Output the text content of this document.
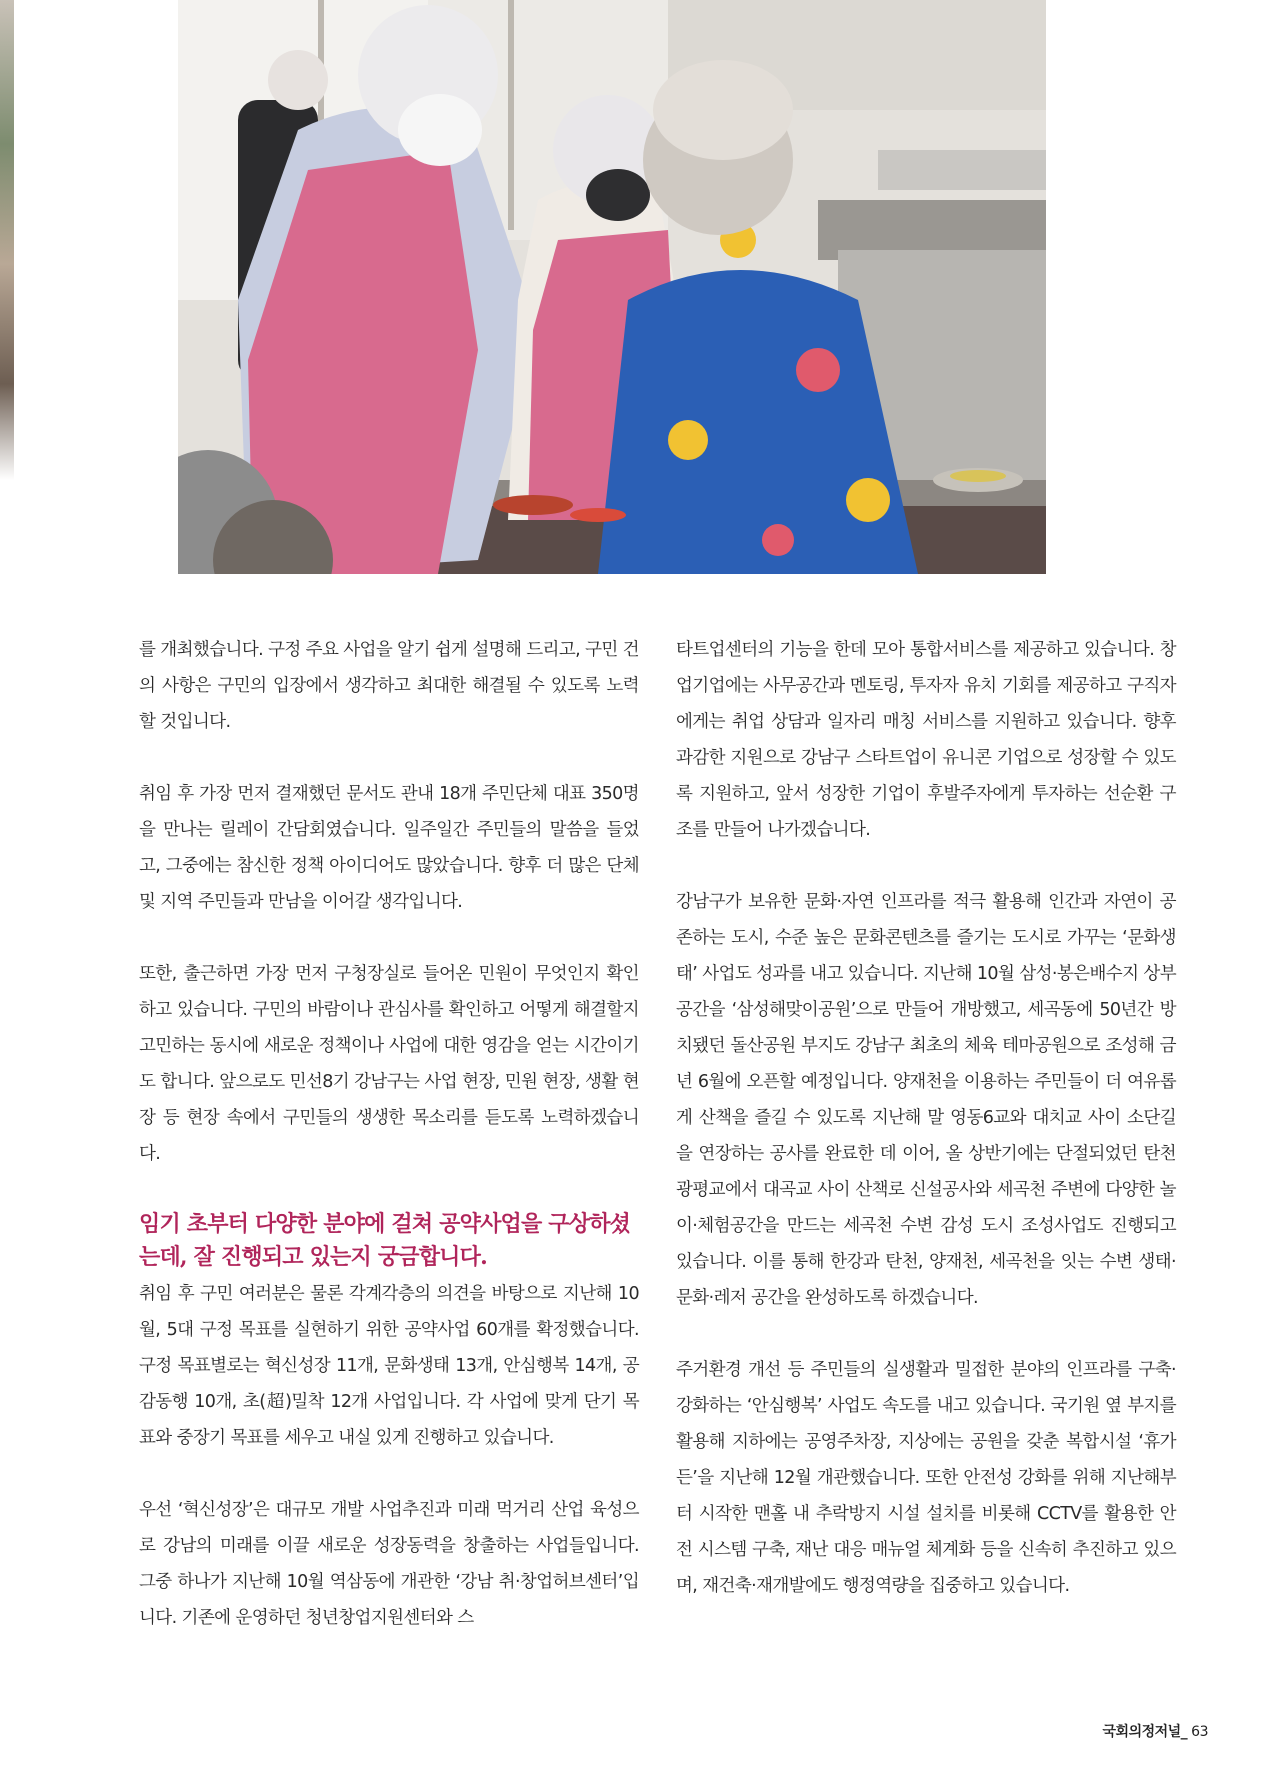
를 개최했습니다. 구정 주요 사업을 알기 쉽게 설명해 드리고, 구민 건의 사항은 구민의 입장에서 생각하고 최대한 해결될 수 있도록 노력할 것입니다.

취임 후 가장 먼저 결재했던 문서도 관내 18개 주민단체 대표 350명을 만나는 릴레이 간담회였습니다. 일주일간 주민들의 말씀을 들었고, 그중에는 참신한 정책 아이디어도 많았습니다. 향후 더 많은 단체 및 지역 주민들과 만남을 이어갈 생각입니다.

또한, 출근하면 가장 먼저 구청장실로 들어온 민원이 무엇인지 확인하고 있습니다. 구민의 바람이나 관심사를 확인하고 어떻게 해결할지 고민하는 동시에 새로운 정책이나 사업에 대한 영감을 얻는 시간이기도 합니다. 앞으로도 민선8기 강남구는 사업 현장, 민원 현장, 생활 현장 등 현장 속에서 구민들의 생생한 목소리를 듣도록 노력하겠습니다.

임기 초부터 다양한 분야에 걸쳐 공약사업을 구상하셨는데, 잘 진행되고 있는지 궁금합니다.

취임 후 구민 여러분은 물론 각계각층의 의견을 바탕으로 지난해 10월, 5대 구정 목표를 실현하기 위한 공약사업 60개를 확정했습니다. 구정 목표별로는 혁신성장 11개, 문화생태 13개, 안심행복 14개, 공감동행 10개, 초(超)밀착 12개 사업입니다. 각 사업에 맞게 단기 목표와 중장기 목표를 세우고 내실 있게 진행하고 있습니다.

우선 ‘혁신성장’은 대규모 개발 사업추진과 미래 먹거리 산업 육성으로 강남의 미래를 이끌 새로운 성장동력을 창출하는 사업들입니다. 그중 하나가 지난해 10월 역삼동에 개관한 ‘강남 취·창업허브센터’입니다. 기존에 운영하던 청년창업지원센터와 스

타트업센터의 기능을 한데 모아 통합서비스를 제공하고 있습니다. 창업기업에는 사무공간과 멘토링, 투자자 유치 기회를 제공하고 구직자에게는 취업 상담과 일자리 매칭 서비스를 지원하고 있습니다. 향후 과감한 지원으로 강남구 스타트업이 유니콘 기업으로 성장할 수 있도록 지원하고, 앞서 성장한 기업이 후발주자에게 투자하는 선순환 구조를 만들어 나가겠습니다.

강남구가 보유한 문화·자연 인프라를 적극 활용해 인간과 자연이 공존하는 도시, 수준 높은 문화콘텐츠를 즐기는 도시로 가꾸는 ‘문화생태’ 사업도 성과를 내고 있습니다. 지난해 10월 삼성·봉은배수지 상부공간을 ‘삼성해맞이공원’으로 만들어 개방했고, 세곡동에 50년간 방치됐던 돌산공원 부지도 강남구 최초의 체육 테마공원으로 조성해 금년 6월에 오픈할 예정입니다. 양재천을 이용하는 주민들이 더 여유롭게 산책을 즐길 수 있도록 지난해 말 영동6교와 대치교 사이 소단길을 연장하는 공사를 완료한 데 이어, 올 상반기에는 단절되었던 탄천 광평교에서 대곡교 사이 산책로 신설공사와 세곡천 주변에 다양한 놀이·체험공간을 만드는 세곡천 수변 감성 도시 조성사업도 진행되고 있습니다. 이를 통해 한강과 탄천, 양재천, 세곡천을 잇는 수변 생태·문화·레저 공간을 완성하도록 하겠습니다.

주거환경 개선 등 주민들의 실생활과 밀접한 분야의 인프라를 구축·강화하는 ‘안심행복’ 사업도 속도를 내고 있습니다. 국기원 옆 부지를 활용해 지하에는 공영주차장, 지상에는 공원을 갖춘 복합시설 ‘휴가든’을 지난해 12월 개관했습니다. 또한 안전성 강화를 위해 지난해부터 시작한 맨홀 내 추락방지 시설 설치를 비롯해 CCTV를 활용한 안전 시스템 구축, 재난 대응 매뉴얼 체계화 등을 신속히 추진하고 있으며, 재건축·재개발에도 행정역량을 집중하고 있습니다.

국회의정저널_ 63
